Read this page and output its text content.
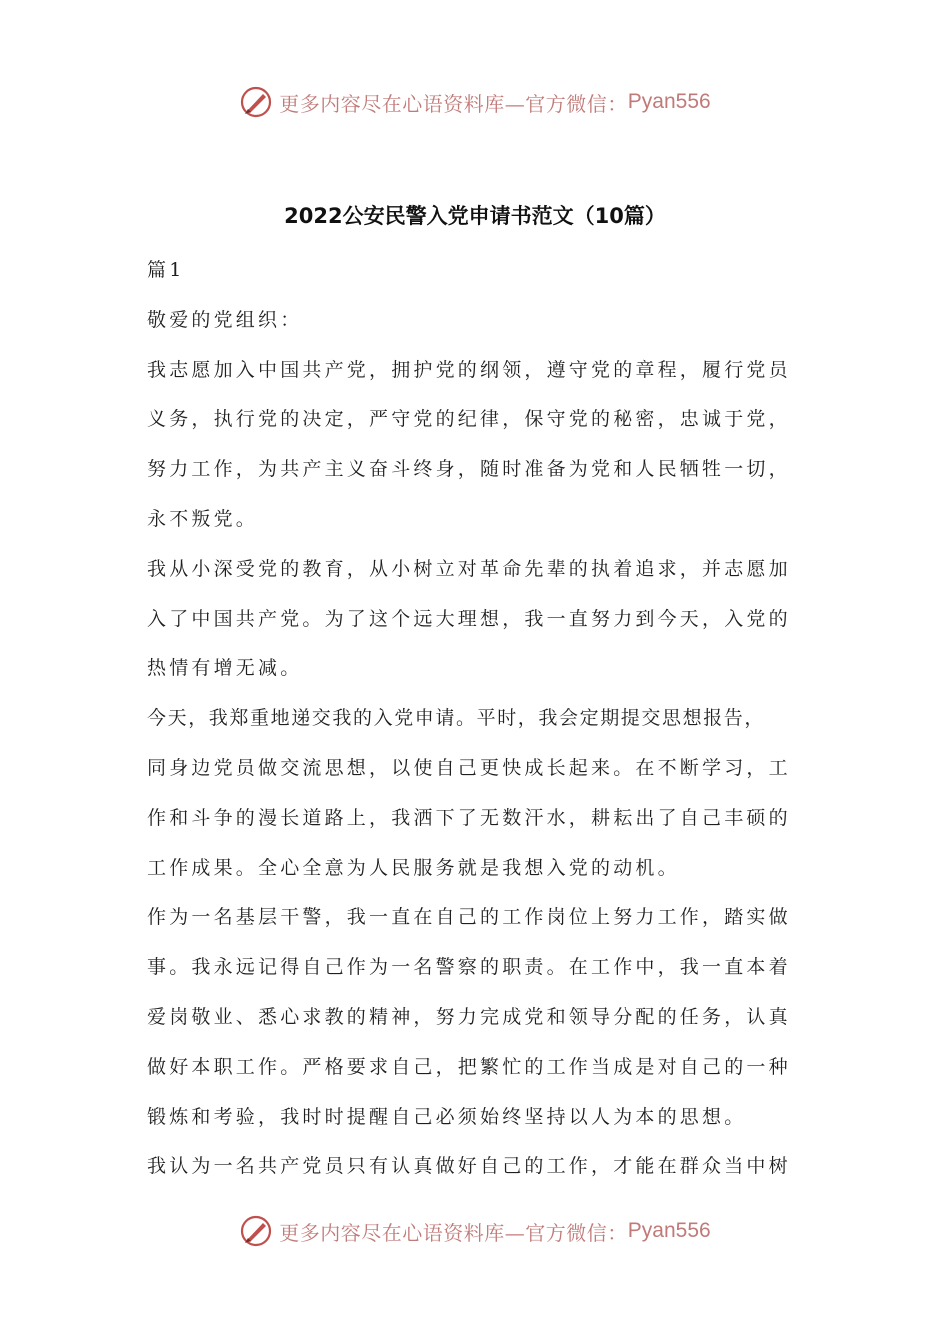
更多内容尽在心语资料库—官方微信： Pyan556
2022公安民警入党申请书范文（10篇）
篇1
敬爱的党组织：
我志愿加入中国共产党，拥护党的纲领，遵守党的章程，履行党员
义务，执行党的决定，严守党的纪律，保守党的秘密，忠诚于党，
努力工作，为共产主义奋斗终身，随时准备为党和人民牺牲一切，
永不叛党。
我从小深受党的教育，从小树立对革命先辈的执着追求，并志愿加
入了中国共产党。为了这个远大理想，我一直努力到今天，入党的
热情有增无减。
今天，我郑重地递交我的入党申请。平时，我会定期提交思想报告，
同身边党员做交流思想，以使自己更快成长起来。在不断学习，工
作和斗争的漫长道路上，我洒下了无数汗水，耕耘出了自己丰硕的
工作成果。全心全意为人民服务就是我想入党的动机。
作为一名基层干警，我一直在自己的工作岗位上努力工作，踏实做
事。我永远记得自己作为一名警察的职责。在工作中，我一直本着
爱岗敬业、悉心求教的精神，努力完成党和领导分配的任务，认真
做好本职工作。严格要求自己，把繁忙的工作当成是对自己的一种
锻炼和考验，我时时提醒自己必须始终坚持以人为本的思想。
我认为一名共产党员只有认真做好自己的工作，才能在群众当中树
更多内容尽在心语资料库—官方微信： Pyan556
